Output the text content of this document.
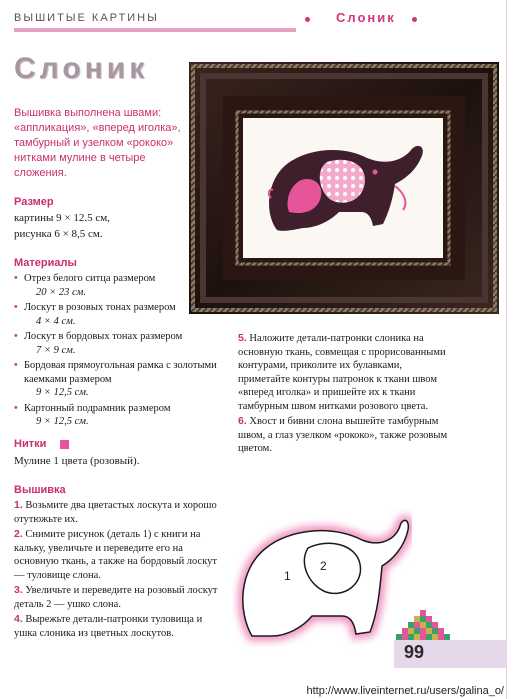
ВЫШИТЫЕ КАРТИНЫ	Слоник
Слоник
Вышивка выполнена швами: «аппликация», «вперед иголка», тамбурный и узелком «рококо» нитками мулине в четыре сложения.
Размер
картины 9 × 12.5 см,
рисунка 6 × 8,5 см.
Материалы
• Отрез белого ситца размером
20 × 23 см.
• Лоскут в розовых тонах размером
4 × 4 см.
• Лоскут в бордовых тонах размером
7 × 9 см.
• Бордовая прямоугольная рамка с золотыми каемками размером
9 × 12,5 см.
• Картонный подрамник размером
9 × 12,5 см.
Нитки
Мулине 1 цвета (розовый).
Вышивка
1. Возьмите два цветастых лоскута и хорошо отутюжьте их.
2. Снимите рисунок (деталь 1) с книги на кальку, увеличьте и переведите его на основную ткань, а также на бордовый лоскут — туловище слона.
3. Увеличьте и переведите на розовый лоскут деталь 2 — ушко слона.
4. Вырежьте детали-патронки туловища и ушка слоника из цветных лоскутов.
5. Наложите детали-патронки слоника на основную ткань, совмещая с прорисованными контурами, приколите их булавками, приметайте контуры патронок к ткани швом «вперед иголка» и пришейте их к ткани тамбурным швом нитками розового цвета.
6. Хвост и бивни слона вышейте тамбурным швом, а глаз узелком «рококо», также розовым цветом.
2
1
99
http://www.liveinternet.ru/users/galina_o/
